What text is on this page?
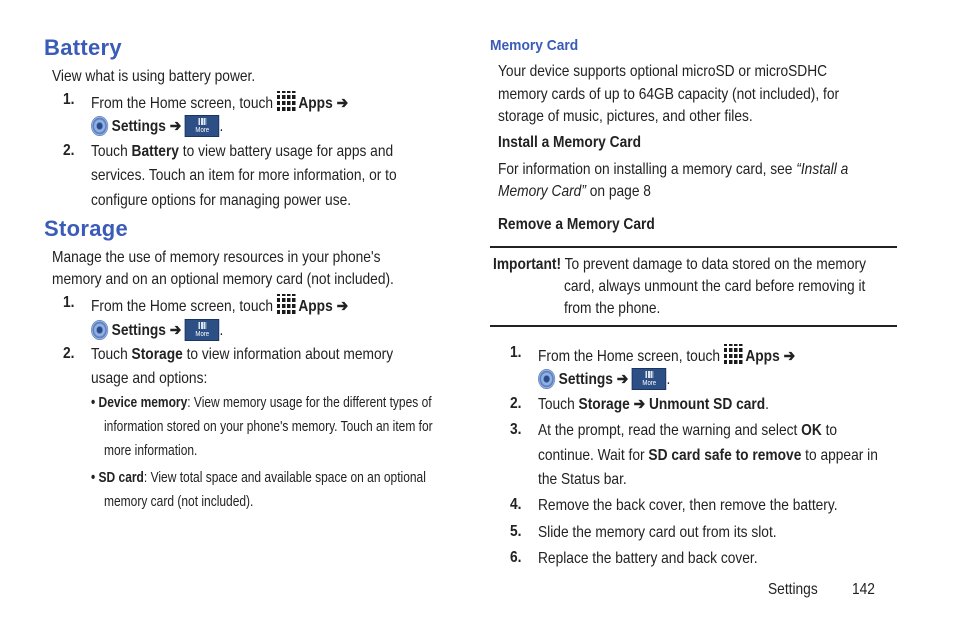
Battery
View what is using battery power.
1. From the Home screen, touch Apps ➔
Settings ➔	More .
2. Touch Battery to view battery usage for apps and
services. Touch an item for more information, or to
configure options for managing power use.
Storage
Manage the use of memory resources in your phone's
memory and on an optional memory card (not included).
1. From the Home screen, touch Apps ➔
Settings ➔	More .
2. Touch Storage to view information about memory
usage and options:
• Device memory: View memory usage for the different types of
information stored on your phone's memory. Touch an item for
more information.
• SD card: View total space and available space on an optional
memory card (not included).
Memory Card
Your device supports optional microSD or microSDHC
memory cards of up to 64GB capacity (not included), for
storage of music, pictures, and other files.
Install a Memory Card
For information on installing a memory card, see “Install a
Memory Card” on page 8
Remove a Memory Card
Important! To prevent damage to data stored on the memory
card, always unmount the card before removing it
from the phone.
1. From the Home screen, touch Apps ➔
Settings ➔	More .
2. Touch Storage ➔ Unmount SD card.
3. At the prompt, read the warning and select OK to
continue. Wait for SD card safe to remove to appear in
the Status bar.
4. Remove the back cover, then remove the battery.
5. Slide the memory card out from its slot.
6. Replace the battery and back cover.
Settings 142
